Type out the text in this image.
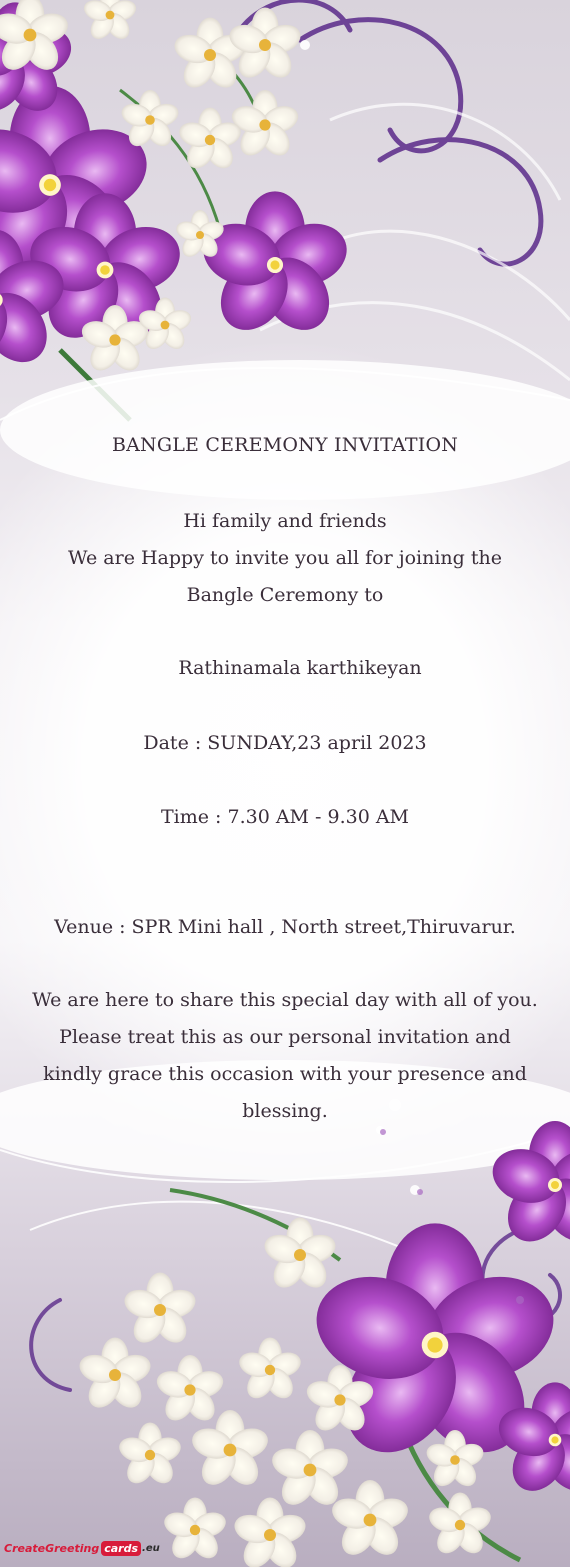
BANGLE CEREMONY INVITATION
Hi family and friends
We are Happy to invite you all for joining the
Bangle Ceremony to
Rathinamala karthikeyan
Date : SUNDAY,23 april 2023
Time : 7.30 AM - 9.30 AM
Venue : SPR Mini hall , North street,Thiruvarur.
We are here to share this special day with all of you.
Please treat this as our personal invitation and
kindly grace this occasion with your presence and
blessing.
CreateGreeting cards .eu
